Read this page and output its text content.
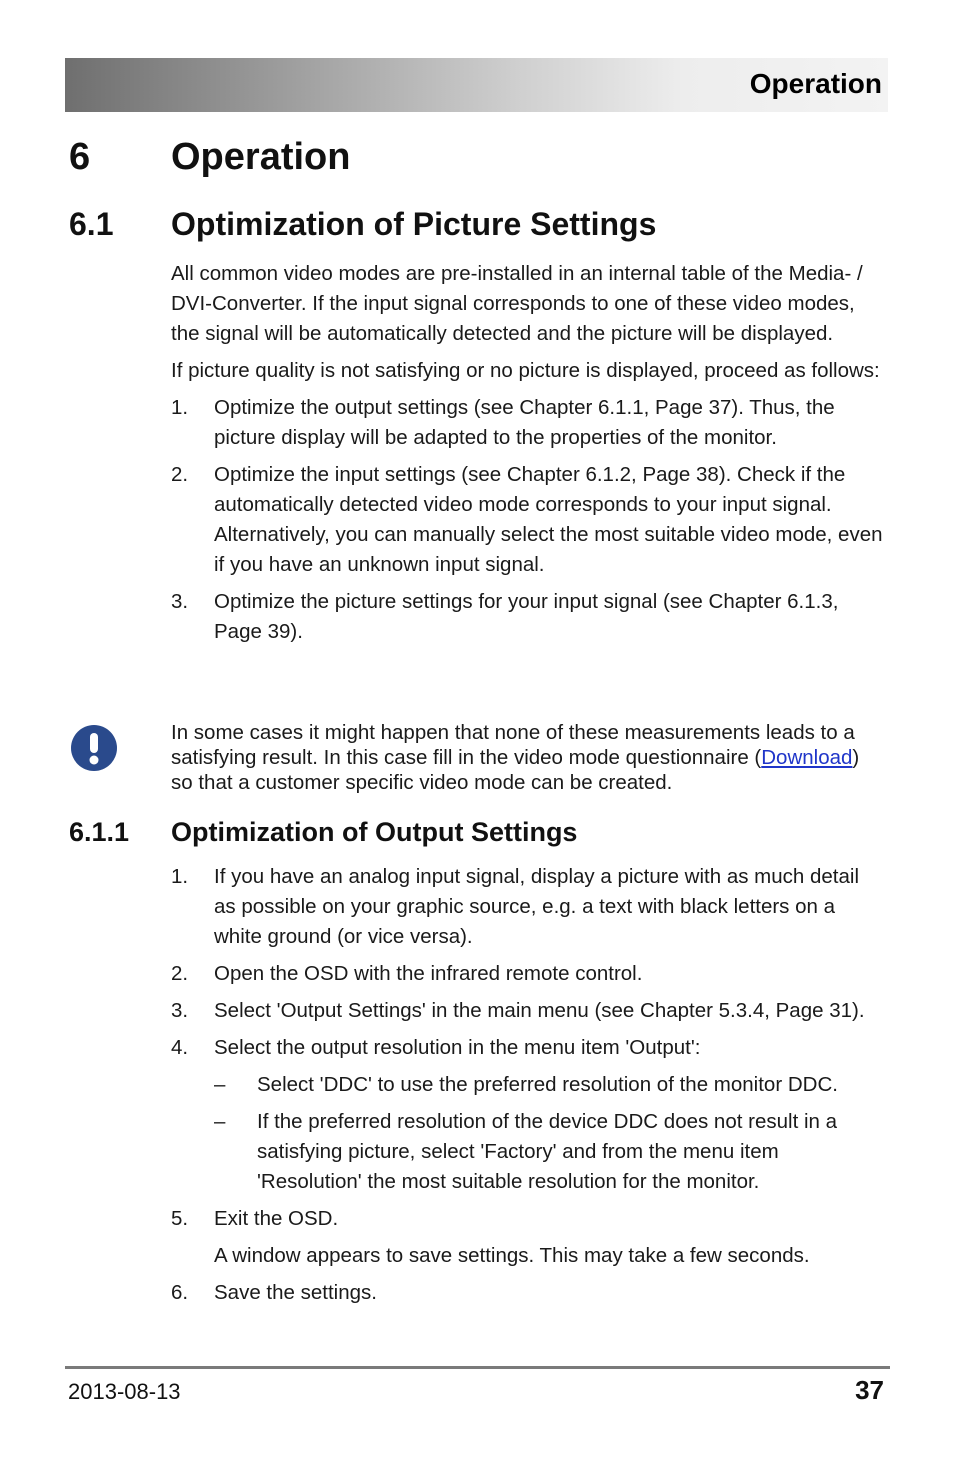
Operation
6 Operation
6.1 Optimization of Picture Settings

All common video modes are pre-installed in an internal table of the Media- / DVI-Converter. If the input signal corresponds to one of these video modes, the signal will be automatically detected and the picture will be displayed.

If picture quality is not satisfying or no picture is displayed, proceed as follows:

1. Optimize the output settings (see Chapter 6.1.1, Page 37). Thus, the picture display will be adapted to the properties of the monitor.
2. Optimize the input settings (see Chapter 6.1.2, Page 38). Check if the automatically detected video mode corresponds to your input signal. Alternatively, you can manually select the most suitable video mode, even if you have an unknown input signal.
3. Optimize the picture settings for your input signal (see Chapter 6.1.3, Page 39).
In some cases it might happen that none of these measurements leads to a satisfying result. In this case fill in the video mode questionnaire (Download) so that a customer specific video mode can be created.
6.1.1 Optimization of Output Settings
1. If you have an analog input signal, display a picture with as much detail as possible on your graphic source, e.g. a text with black letters on a white ground (or vice versa).
2. Open the OSD with the infrared remote control.
3. Select 'Output Settings' in the main menu (see Chapter 5.3.4, Page 31).
4. Select the output resolution in the menu item 'Output':
– Select 'DDC' to use the preferred resolution of the monitor DDC.
– If the preferred resolution of the device DDC does not result in a satisfying picture, select 'Factory' and from the menu item 'Resolution' the most suitable resolution for the monitor.
5. Exit the OSD.
A window appears to save settings. This may take a few seconds.
6. Save the settings.
2013-08-13	37
